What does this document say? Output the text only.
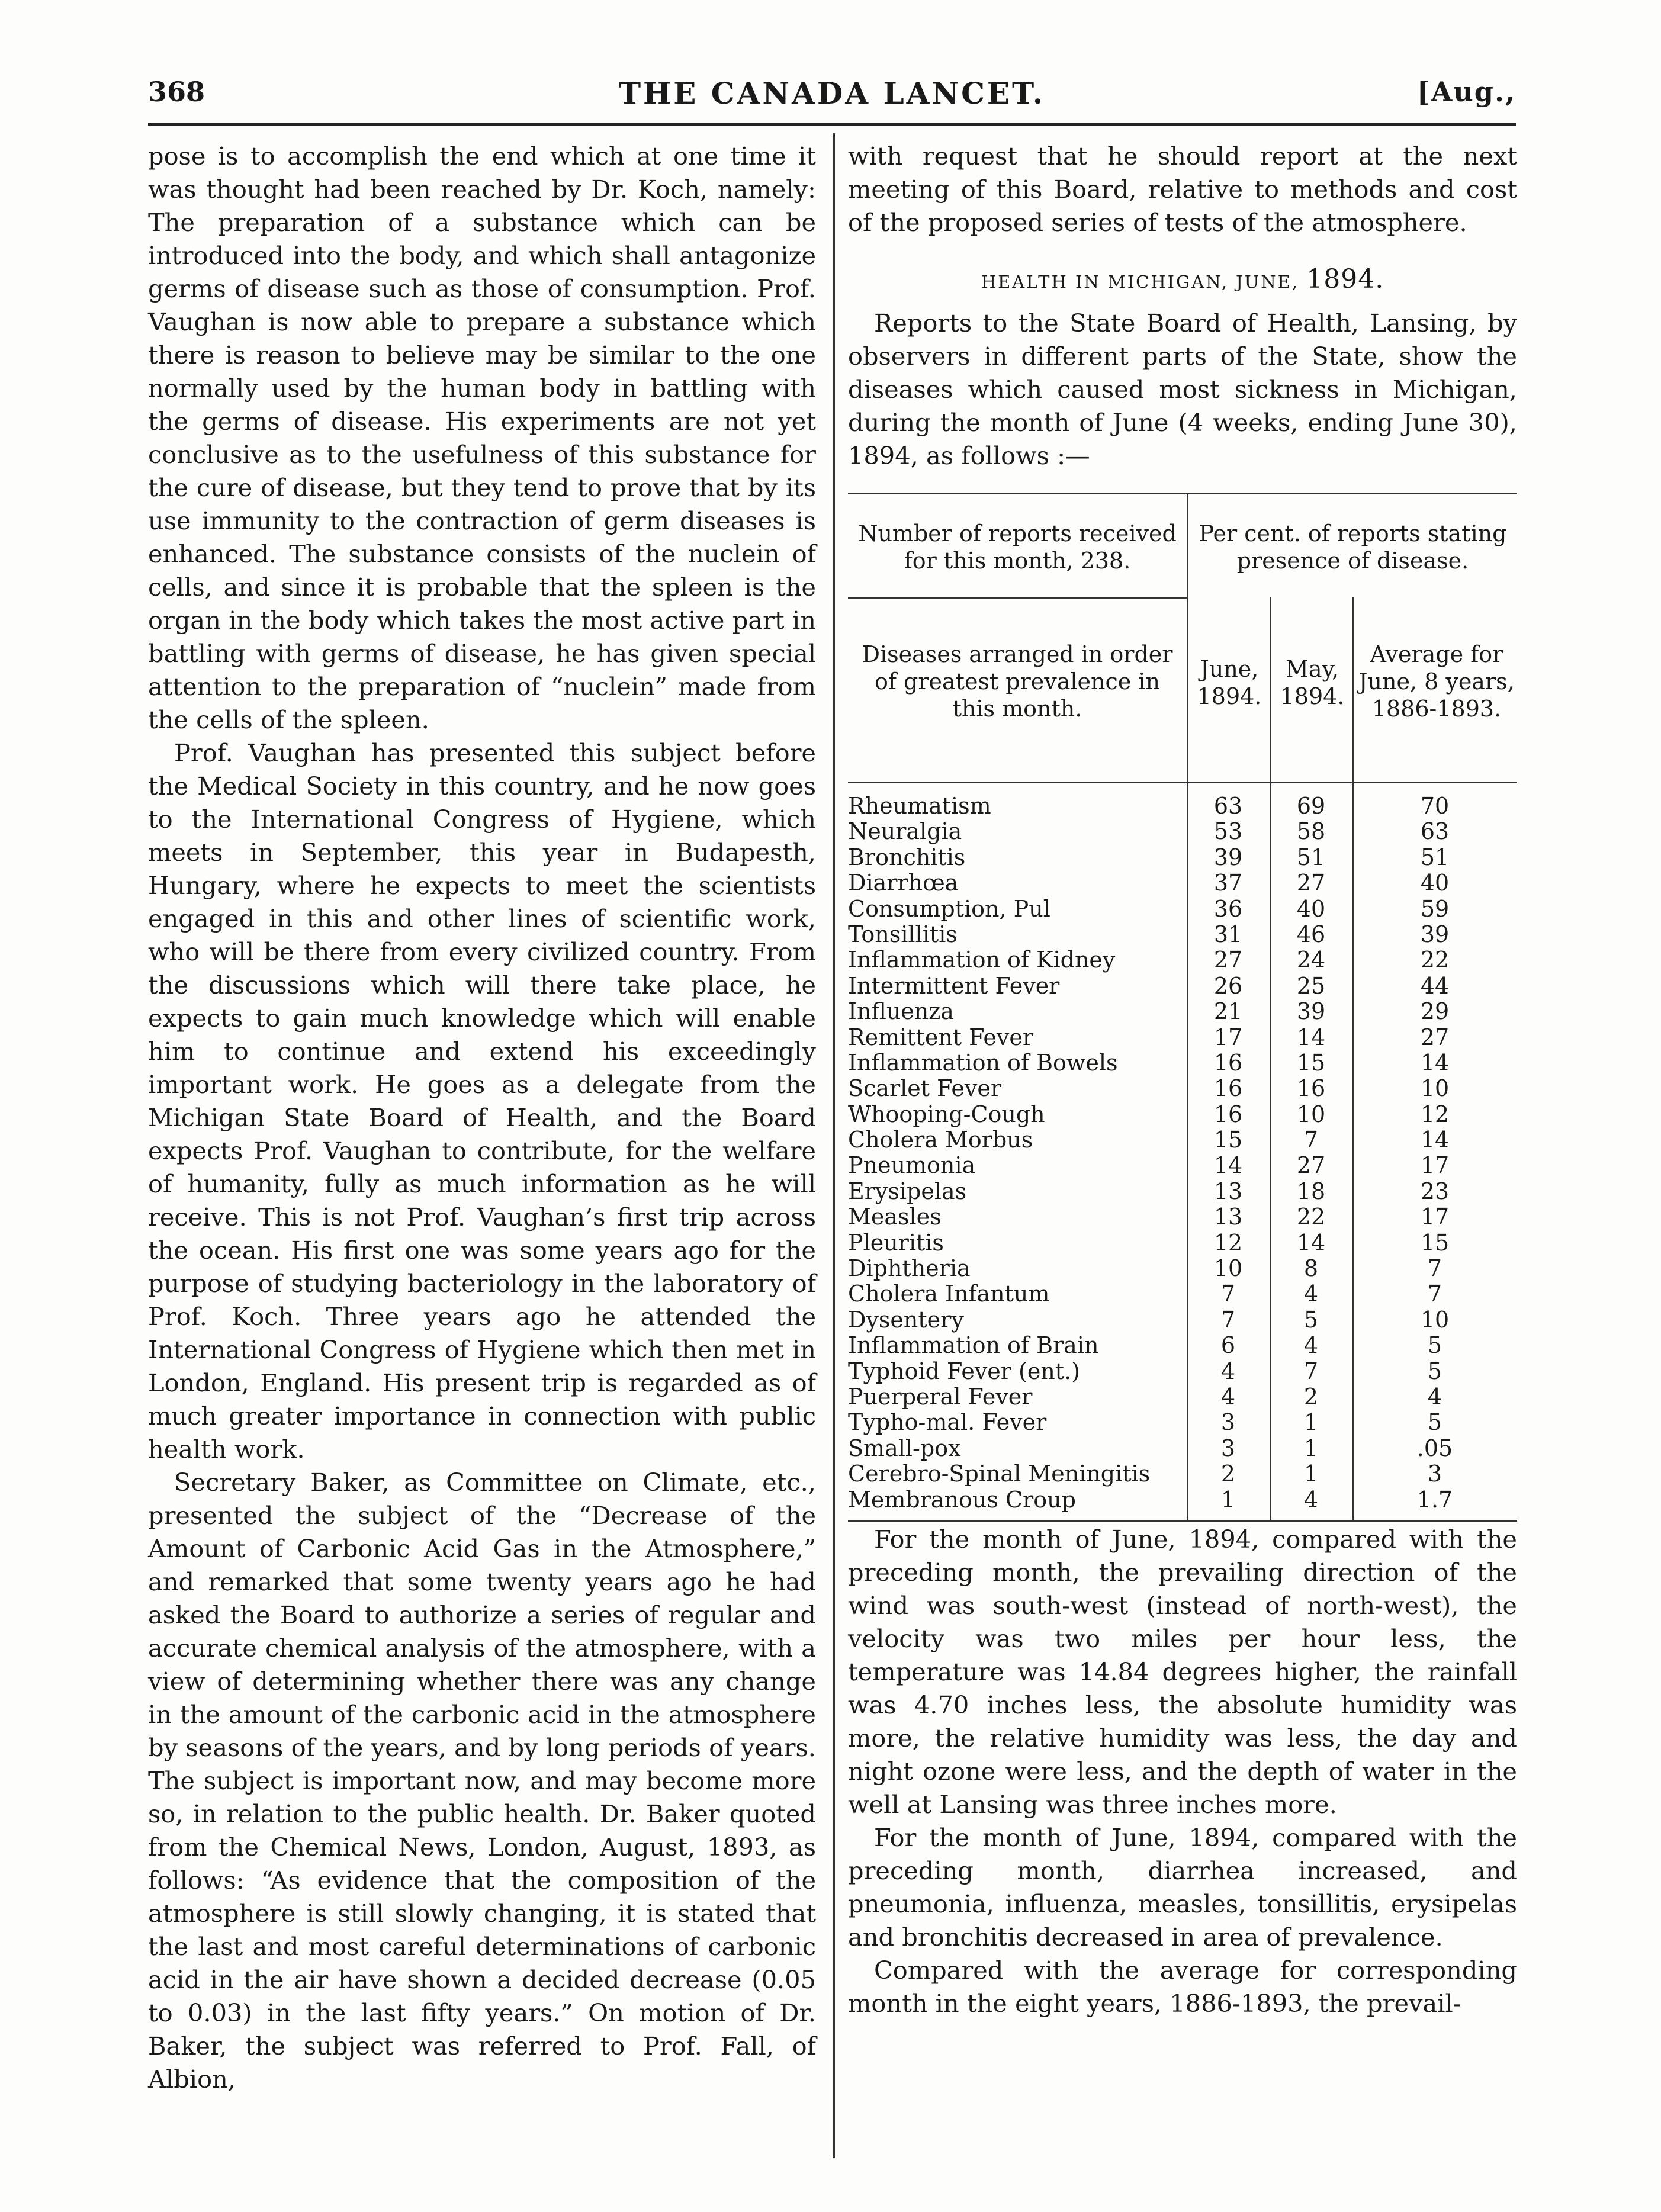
368	THE CANADA LANCET.	[Aug.,

pose is to accomplish the end which at one time it was thought had been reached by Dr. Koch, namely: The preparation of a substance which can be introduced into the body, and which shall antagonize germs of disease such as those of consumption. Prof. Vaughan is now able to prepare a substance which there is reason to believe may be similar to the one normally used by the human body in battling with the germs of disease. His experiments are not yet conclusive as to the usefulness of this substance for the cure of disease, but they tend to prove that by its use immunity to the contraction of germ diseases is enhanced. The substance consists of the nuclein of cells, and since it is probable that the spleen is the organ in the body which takes the most active part in battling with germs of disease, he has given special attention to the preparation of “nuclein” made from the cells of the spleen.

Prof. Vaughan has presented this subject before the Medical Society in this country, and he now goes to the International Congress of Hygiene, which meets in September, this year in Budapesth, Hungary, where he expects to meet the scientists engaged in this and other lines of scientific work, who will be there from every civilized country. From the discussions which will there take place, he expects to gain much knowledge which will enable him to continue and extend his exceedingly important work. He goes as a delegate from the Michigan State Board of Health, and the Board expects Prof. Vaughan to contribute, for the welfare of humanity, fully as much information as he will receive. This is not Prof. Vaughan’s first trip across the ocean. His first one was some years ago for the purpose of studying bacteriology in the laboratory of Prof. Koch. Three years ago he attended the International Congress of Hygiene which then met in London, England. His present trip is regarded as of much greater importance in connection with public health work.

Secretary Baker, as Committee on Climate, etc., presented the subject of the “Decrease of the Amount of Carbonic Acid Gas in the Atmosphere,” and remarked that some twenty years ago he had asked the Board to authorize a series of regular and accurate chemical analysis of the atmosphere, with a view of determining whether there was any change in the amount of the carbonic acid in the atmosphere by seasons of the years, and by long periods of years. The subject is important now, and may become more so, in relation to the public health. Dr. Baker quoted from the Chemical News, London, August, 1893, as follows: “As evidence that the composition of the atmosphere is still slowly changing, it is stated that the last and most careful determinations of carbonic acid in the air have shown a decided decrease (0.05 to 0.03) in the last fifty years.” On motion of Dr. Baker, the subject was referred to Prof. Fall, of Albion,

with request that he should report at the next meeting of this Board, relative to methods and cost of the proposed series of tests of the atmosphere.

HEALTH IN MICHIGAN, JUNE, 1894.

Reports to the State Board of Health, Lansing, by observers in different parts of the State, show the diseases which caused most sickness in Michigan, during the month of June (4 weeks, ending June 30), 1894, as follows :—

Number of reports received for this month, 238.
Per cent. of reports stating presence of disease.
Diseases arranged in order of greatest prevalence in this month.
June, 1894.
May, 1894.
Average for June, 8 years, 1886-1893.
Rheumatism
Neuralgia
Bronchitis
Diarrhœa
Consumption, Pul
Tonsillitis
Inflammation of Kidney
Intermittent Fever
Influenza
Remittent Fever
Inflammation of Bowels
Scarlet Fever
Whooping-Cough
Cholera Morbus
Pneumonia
Erysipelas
Measles
Pleuritis
Diphtheria
Cholera Infantum
Dysentery
Inflammation of Brain
Typhoid Fever (ent.)
Puerperal Fever
Typho-mal. Fever
Small-pox
Cerebro-Spinal Meningitis
Membranous Croup
63
53
39
37
36
31
27
26
21
17
16
16
16
15
14
13
13
12
10
7
7
6
4
4
3
3
2
1
69
58
51
27
40
46
24
25
39
14
15
16
10
7
27
18
22
14
8
4
5
4
7
2
1
1
1
4
70
63
51
40
59
39
22
44
29
27
14
10
12
14
17
23
17
15
7
7
10
5
5
4
5
.05
3
1.7

For the month of June, 1894, compared with the preceding month, the prevailing direction of the wind was south-west (instead of north-west), the velocity was two miles per hour less, the temperature was 14.84 degrees higher, the rainfall was 4.70 inches less, the absolute humidity was more, the relative humidity was less, the day and night ozone were less, and the depth of water in the well at Lansing was three inches more.

For the month of June, 1894, compared with the preceding month, diarrhea increased, and pneumonia, influenza, measles, tonsillitis, erysipelas and bronchitis decreased in area of prevalence.

Compared with the average for corresponding month in the eight years, 1886-1893, the prevail-
